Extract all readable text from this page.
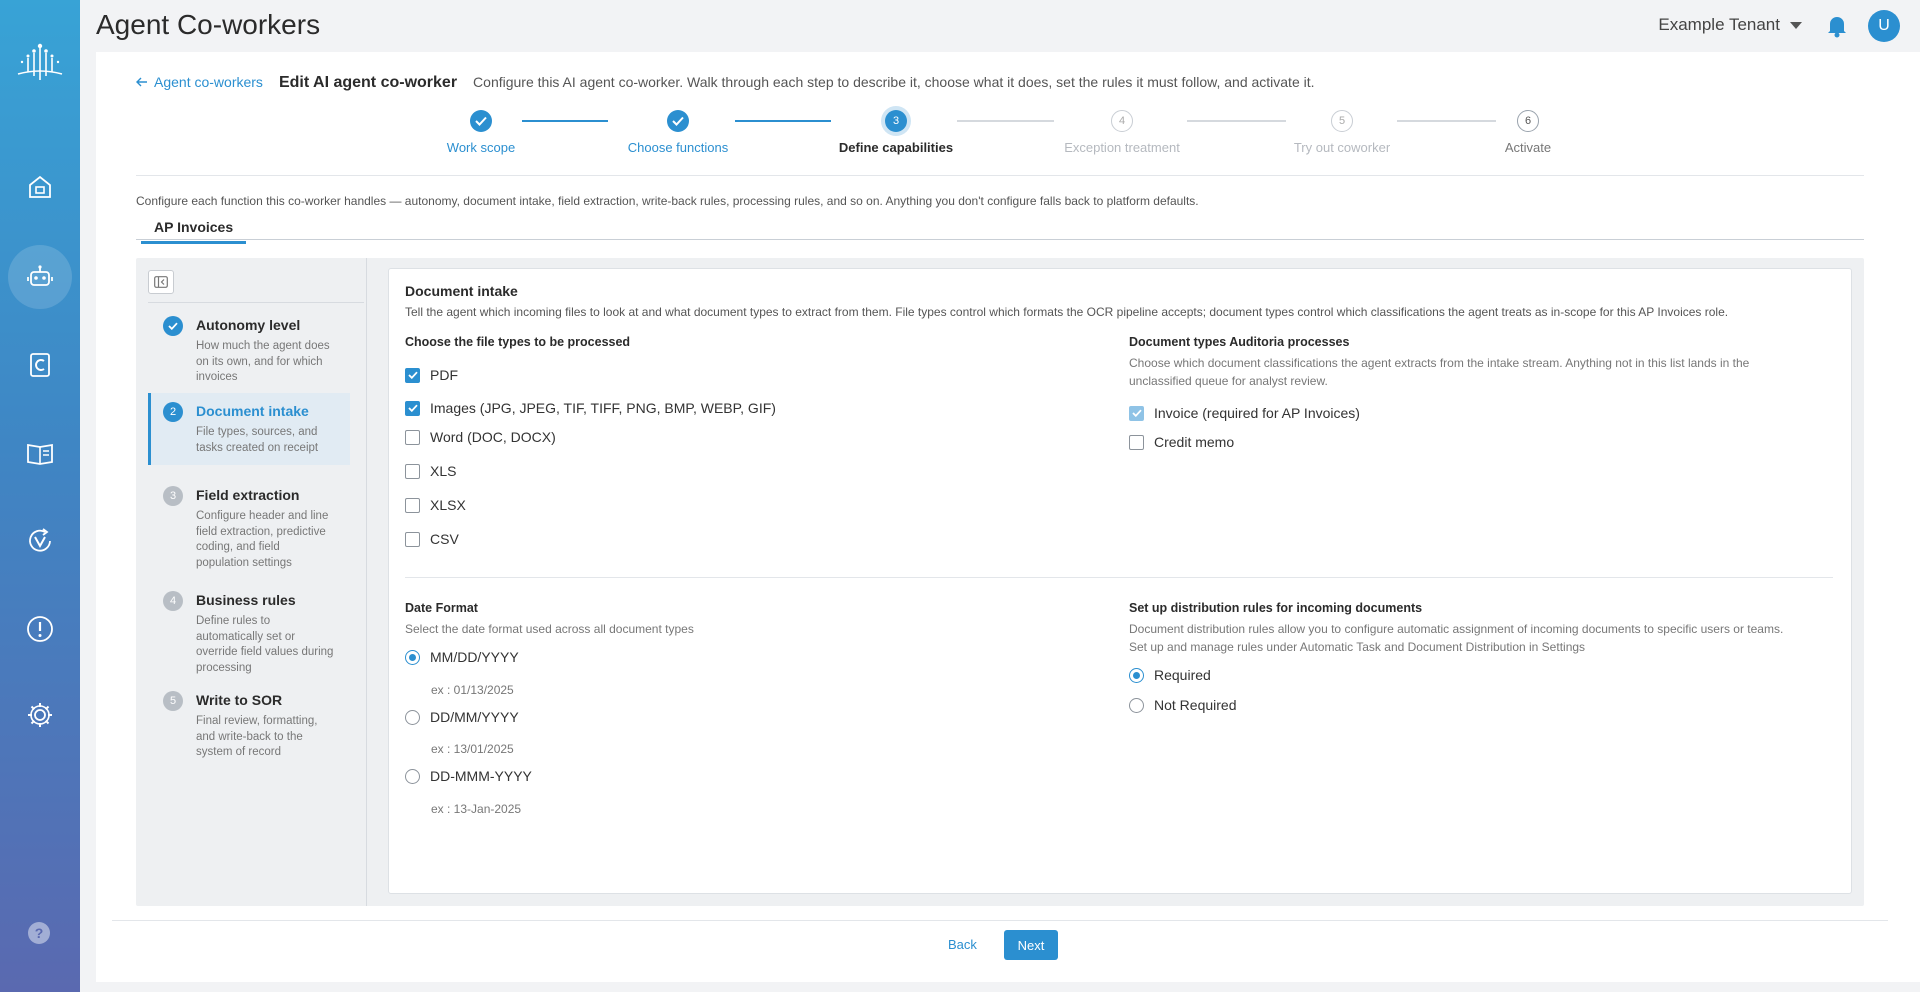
?
Agent Co-workers	Example Tenant	U
Agent co-workers Edit AI agent co-worker Configure this AI agent co-worker. Walk through each step to describe it, choose what it does, set the rules it must follow, and activate it.
Work scope	Choose functions
3
Define capabilities
4
Exception treatment
5
Try out coworker
6
Activate
Configure each function this co-worker handles — autonomy, document intake, field extraction, write-back rules, processing rules, and so on. Anything you don't configure falls back to platform defaults.
AP Invoices
Autonomy level
How much the agent does on its own, and for which invoices
2	Document intake
File types, sources, and tasks created on receipt
3	Field extraction
Configure header and line field extraction, predictive coding, and field population settings
4	Business rules
Define rules to automatically set or override field values during processing
5	Write to SOR
Final review, formatting, and write-back to the system of record
Document intake
Tell the agent which incoming files to look at and what document types to extract from them. File types control which formats the OCR pipeline accepts; document types control which classifications the agent treats as in-scope for this AP Invoices role.
Choose the file types to be processed
PDF
Images (JPG, JPEG, TIF, TIFF, PNG, BMP, WEBP, GIF)
Word (DOC, DOCX)
XLS
XLSX
CSV
Document types Auditoria processes
Choose which document classifications the agent extracts from the intake stream. Anything not in this list lands in the unclassified queue for analyst review.
Invoice (required for AP Invoices)
Credit memo
Date Format
Select the date format used across all document types
MM/DD/YYYY
ex : 01/13/2025
DD/MM/YYYY
ex : 13/01/2025
DD-MMM-YYYY
ex : 13-Jan-2025
Set up distribution rules for incoming documents
Document distribution rules allow you to configure automatic assignment of incoming documents to specific users or teams.
Set up and manage rules under Automatic Task and Document Distribution in Settings
Required
Not Required
Back	Next
